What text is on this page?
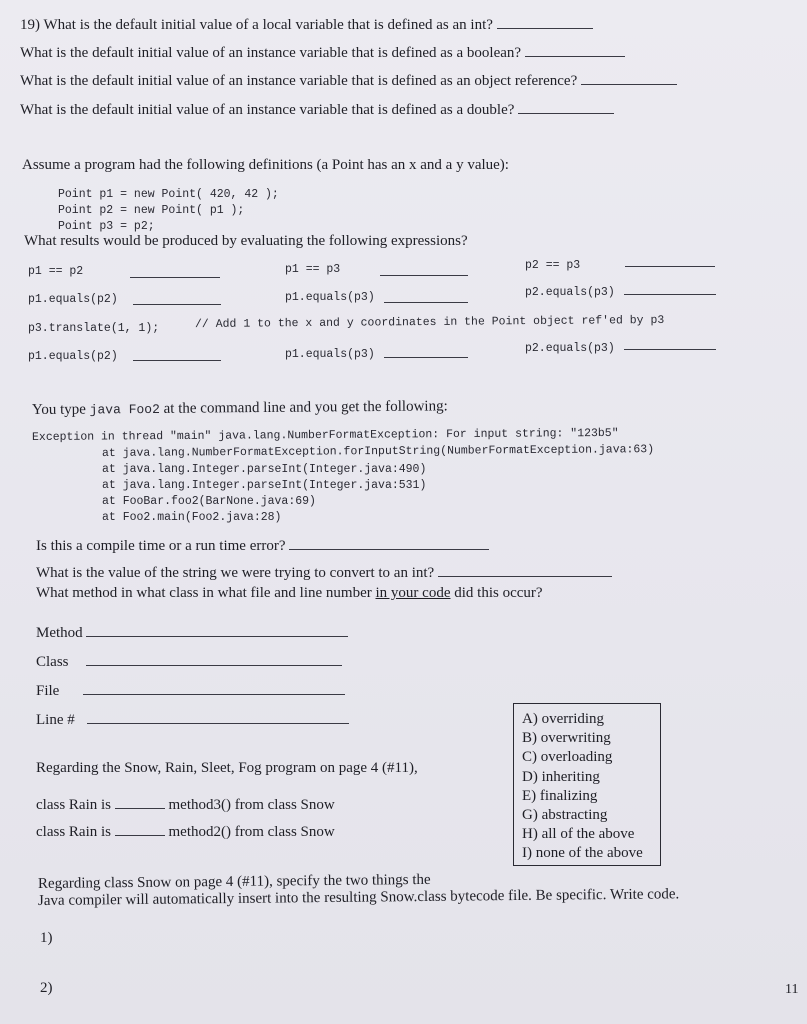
19) What is the default initial value of a local variable that is defined as an int?
What is the default initial value of an instance variable that is defined as a boolean?
What is the default initial value of an instance variable that is defined as an object reference?
What is the default initial value of an instance variable that is defined as a double?
Assume a program had the following definitions (a Point has an x and a y value):
Point p1 = new Point( 420, 42 );
Point p2 = new Point( p1 );
Point p3 = p2;
What results would be produced by evaluating the following expressions?
p1 == p2	p1 == p3	p2 == p3
p1.equals(p2)	p1.equals(p3)	p2.equals(p3)
p3.translate(1, 1);	// Add 1 to the x and y coordinates in the Point object ref'ed by p3
p1.equals(p2)	p1.equals(p3)	p2.equals(p3)
You type java Foo2 at the command line and you get the following:
Exception in thread "main" java.lang.NumberFormatException: For input string: "123b5"
at java.lang.NumberFormatException.forInputString(NumberFormatException.java:63)
at java.lang.Integer.parseInt(Integer.java:490)
at java.lang.Integer.parseInt(Integer.java:531)
at FooBar.foo2(BarNone.java:69)
at Foo2.main(Foo2.java:28)
Is this a compile time or a run time error?
What is the value of the string we were trying to convert to an int?
What method in what class in what file and line number in your code did this occur?
Method
Class
File
Line #
Regarding the Snow, Rain, Sleet, Fog program on page 4 (#11),
class Rain is	method3() from class Snow
class Rain is	method2() from class Snow
A) overriding
B) overwriting
C) overloading
D) inheriting
E) finalizing
G) abstracting
H) all of the above
I) none of the above
Regarding class Snow on page 4 (#11), specify the two things the
Java compiler will automatically insert into the resulting Snow.class bytecode file. Be specific. Write code.
1)
2)	11
